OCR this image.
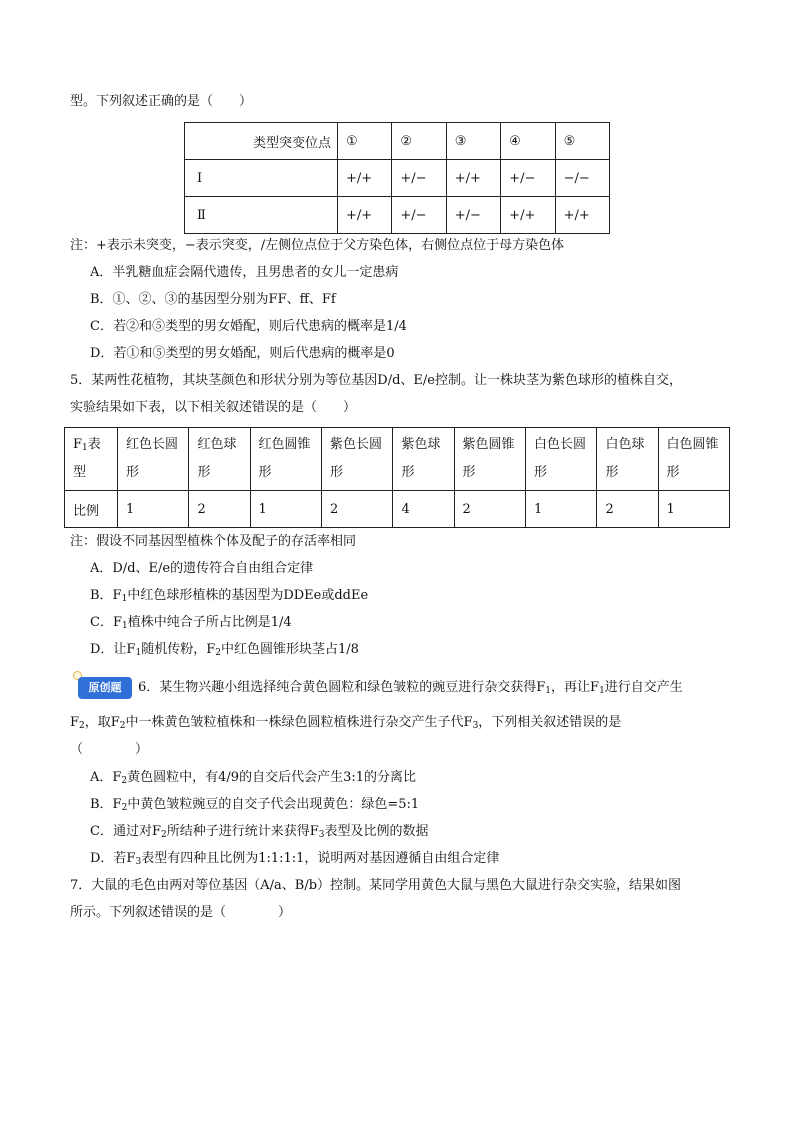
型。下列叙述正确的是（　　）
类型突变位点	①	②	③	④	⑤
Ⅰ	+/+	+/−	+/+	+/−	−/−
Ⅱ	+/+	+/−	+/−	+/+	+/+
注：+表示未突变，−表示突变，/左侧位点位于父方染色体，右侧位点位于母方染色体
A．半乳糖血症会隔代遗传，且男患者的女儿一定患病
B．①、②、③的基因型分别为FF、ff、Ff
C．若②和⑤类型的男女婚配，则后代患病的概率是1/4
D．若①和⑤类型的男女婚配，则后代患病的概率是0
5．某两性花植物，其块茎颜色和形状分别为等位基因D/d、E/e控制。让一株块茎为紫色球形的植株自交，
实验结果如下表，以下相关叙述错误的是（　　）
$F_1$表型	红色长圆形	红色球形	红色圆锥形	紫色长圆形	紫色球形	紫色圆锥形	白色长圆形	白色球形	白色圆锥形
比例	1	2	1	2	4	2	1	2	1
注：假设不同基因型植株个体及配子的存活率相同
A．D/d、E/e的遗传符合自由组合定律
B．$F_1$中红色球形植株的基因型为DDEe或ddEe
C．$F_1$植株中纯合子所占比例是1/4
D．让$F_1$随机传粉，$F_2$中红色圆锥形块茎占1/8
原创题	6．某生物兴趣小组选择纯合黄色圆粒和绿色皱粒的豌豆进行杂交获得$F_1$，再让$F_1$进行自交产生
$F_2$，取$F_2$中一株黄色皱粒植株和一株绿色圆粒植株进行杂交产生子代$F_3$，下列相关叙述错误的是
（　　　　）
A．$F_2$黄色圆粒中，有4/9的自交后代会产生3:1的分离比
B．$F_2$中黄色皱粒豌豆的自交子代会出现黄色：绿色=5:1
C．通过对$F_2$所结种子进行统计来获得$F_3$表型及比例的数据
D．若$F_3$表型有四种且比例为1:1:1:1，说明两对基因遵循自由组合定律
7．大鼠的毛色由两对等位基因（A/a、B/b）控制。某同学用黄色大鼠与黑色大鼠进行杂交实验，结果如图
所示。下列叙述错误的是（　　　　）
